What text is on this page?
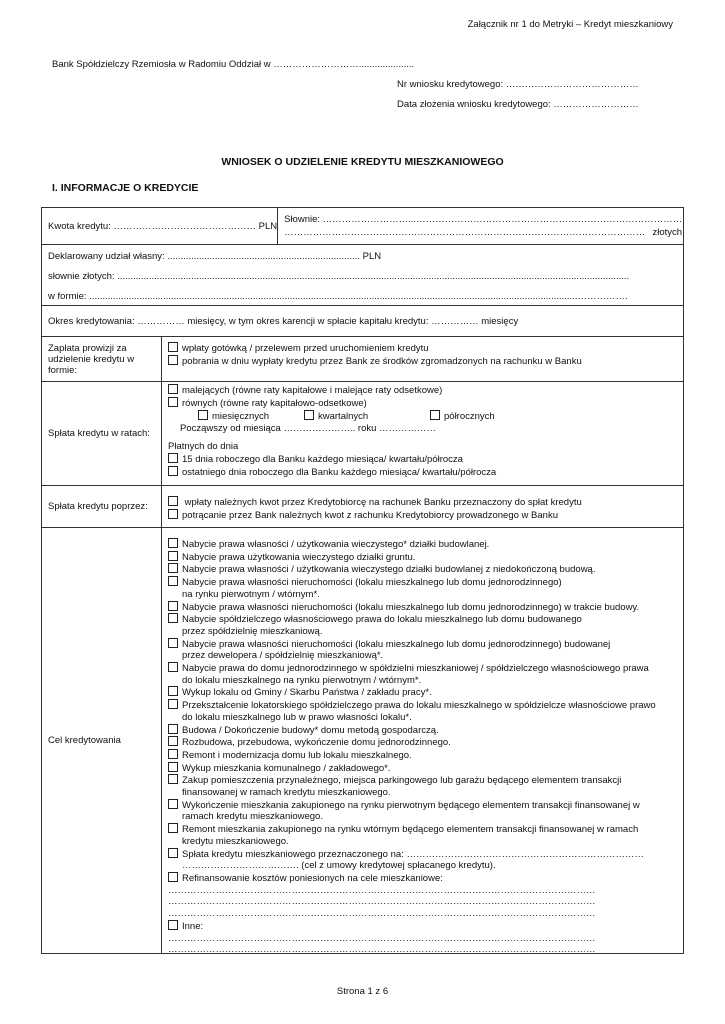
Załącznik nr 1 do Metryki – Kredyt mieszkaniowy
Bank Spółdzielczy Rzemiosła w Radomiu Oddział w ……………………….....................
Nr wniosku kredytowego: ……………………………………
Data złożenia wniosku kredytowego: ………………………
WNIOSEK O UDZIELENIE KREDYTU MIESZKANIOWEGO
I. INFORMACJE O KREDYCIE
Kwota kredytu: ……………………………………… PLN
Słownie: ………………………...…………………………………………………………………………
…………………………………………………………………………………………………… złotych
Deklarowany udział własny: ......................................................................... PLN
słownie złotych: ..................................................................................................................................................................................................
w formie: .........................................................................................................................................................................................…………….
Okres kredytowania: …………… miesięcy, w tym okres karencji w spłacie kapitału kredytu: …………… miesięcy
Zapłata prowizji za udzielenie kredytu w formie:
wpłaty gotówką / przelewem przed uruchomieniem kredytu
pobrania w dniu wypłaty kredytu przez Bank ze środków zgromadzonych na rachunku w Banku
Spłata kredytu w ratach:
malejących (równe raty kapitałowe i malejące raty odsetkowe)
równych (równe raty kapitałowo-odsetkowe)
miesięcznych	kwartalnych	półrocznych
Począwszy od miesiąca ………………….. roku ………………
Płatnych do dnia
15 dnia roboczego dla Banku każdego miesiąca/ kwartału/półrocza
ostatniego dnia roboczego dla Banku każdego miesiąca/ kwartału/półrocza
Spłata kredytu poprzez:	wpłaty należnych kwot przez Kredytobiorcę na rachunek Banku przeznaczony do spłat kredytu
potrącanie przez Bank należnych kwot z rachunku Kredytobiorcy prowadzonego w Banku
Cel kredytowania
Nabycie prawa własności / użytkowania wieczystego* działki budowlanej.
Nabycie prawa użytkowania wieczystego działki gruntu.
Nabycie prawa własności / użytkowania wieczystego działki budowlanej z niedokończoną budową.
Nabycie prawa własności nieruchomości (lokalu mieszkalnego lub domu jednorodzinnego)
na rynku pierwotnym / wtórnym*.
Nabycie prawa własności nieruchomości (lokalu mieszkalnego lub domu jednorodzinnego) w trakcie budowy.
Nabycie spółdzielczego własnościowego prawa do lokalu mieszkalnego lub domu budowanego
przez spółdzielnię mieszkaniową.
Nabycie prawa własności nieruchomości (lokalu mieszkalnego lub domu jednorodzinnego) budowanej
przez dewelopera / spółdzielnię mieszkaniową*.
Nabycie prawa do domu jednorodzinnego w spółdzielni mieszkaniowej / spółdzielczego własnościowego prawa
do lokalu mieszkalnego na rynku pierwotnym / wtórnym*.
Wykup lokalu od Gminy / Skarbu Państwa / zakładu pracy*.
Przekształcenie lokatorskiego spółdzielczego prawa do lokalu mieszkalnego w spółdzielcze własnościowe prawo
do lokalu mieszkalnego lub w prawo własności lokalu*.
Budowa / Dokończenie budowy* domu metodą gospodarczą.
Rozbudowa, przebudowa, wykończenie domu jednorodzinnego.
Remont i modernizacja domu lub lokalu mieszkalnego.
Wykup mieszkania komunalnego / zakładowego*.
Zakup pomieszczenia przynależnego, miejsca parkingowego lub garażu będącego elementem transakcji
finansowanej w ramach kredytu mieszkaniowego.
Wykończenie mieszkania zakupionego na rynku pierwotnym będącego elementem transakcji finansowanej w
ramach kredytu mieszkaniowego.
Remont mieszkania zakupionego na rynku wtórnym będącego elementem transakcji finansowanej w ramach
kredytu mieszkaniowego.
Spłata kredytu mieszkaniowego przeznaczonego na: …………………………………………………………………
………………………………. (cel z umowy kredytowej spłacanego kredytu).
Refinansowanie kosztów poniesionych na cele mieszkaniowe:
………………………………………………………………………………………………………………………
………………………………………………………………………………………………………………………
………………………………………………………………………………………………………………………
Inne:
………………………………………………………………………………………………………………………
………………………………………………………………………………………………………………………
Strona 1 z 6
